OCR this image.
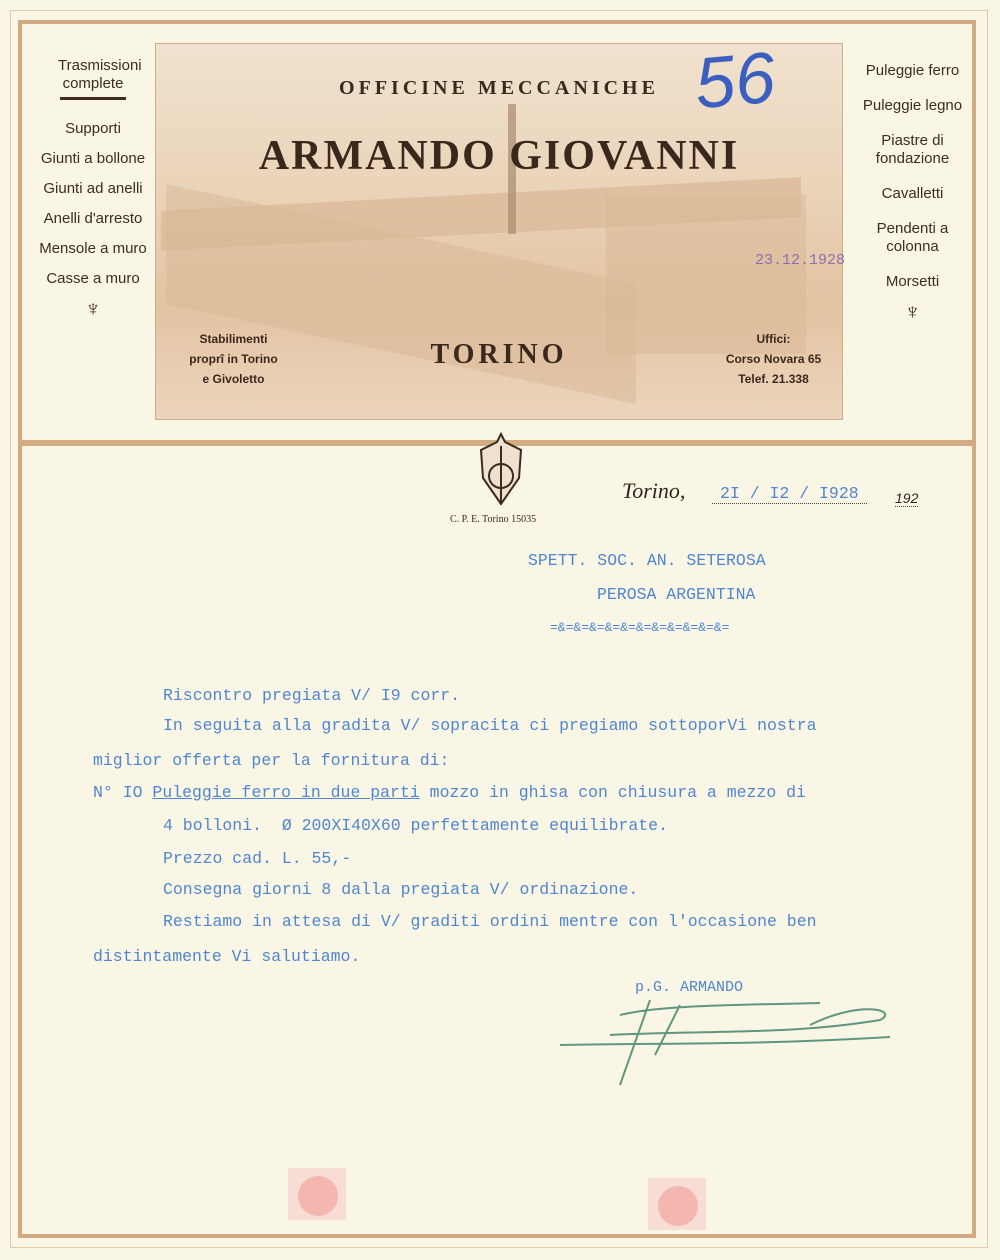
Trasmissioni complete
Supporti
Giunti a bollone
Giunti ad anelli
Anelli d'arresto
Mensole a muro
Casse a muro
♆
Puleggie ferro
Puleggie legno
Piastre di fondazione
Cavalletti
Pendenti a colonna
Morsetti
♆
OFFICINE MECCANICHE
ARMANDO GIOVANNI
TORINO
Stabilimenti
proprî in Torino
e Givoletto
Uffici:
Corso Novara 65
Telef. 21.338
56
23.12.1928
C. P. E. Torino 15035
Torino,	2I / I2 / I928	192
SPETT. SOC. AN. SETEROSA
PEROSA ARGENTINA
=&=&=&=&=&=&=&=&=&=&=&=
Riscontro pregiata V/ I9 corr.
In seguita alla gradita V/ sopracita ci pregiamo sottoporVi nostra
miglior offerta per la fornitura di:
N° IO Puleggie ferro in due parti mozzo in ghisa con chiusura a mezzo di
4 bolloni.  Ø 200XI40X60 perfettamente equilibrate.
Prezzo cad. L. 55,-
Consegna giorni 8 dalla pregiata V/ ordinazione.
Restiamo in attesa di V/ graditi ordini mentre con l'occasione ben
distintamente Vi salutiamo.
p.G. ARMANDO
